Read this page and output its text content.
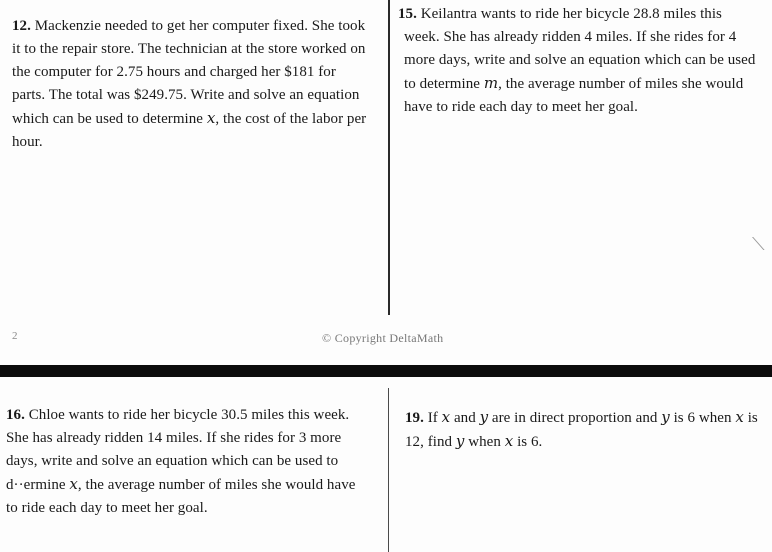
12. Mackenzie needed to get her computer fixed. She took
it to the repair store. The technician at the store worked on
the computer for 2.75 hours and charged her $181 for
parts. The total was $249.75. Write and solve an equation
which can be used to determine x, the cost of the labor per
hour.
15. Keilantra wants to ride her bicycle 28.8 miles this
week. She has already ridden 4 miles. If she rides for 4
more days, write and solve an equation which can be used
to determine m, the average number of miles she would
have to ride each day to meet her goal.
2	© Copyright DeltaMath
⟍
16. Chloe wants to ride her bicycle 30.5 miles this week.
She has already ridden 14 miles. If she rides for 3 more
days, write and solve an equation which can be used to
d··ermine x, the average number of miles she would have
to ride each day to meet her goal.
19. If x and y are in direct proportion and y is 6 when x is
12, find y when x is 6.
